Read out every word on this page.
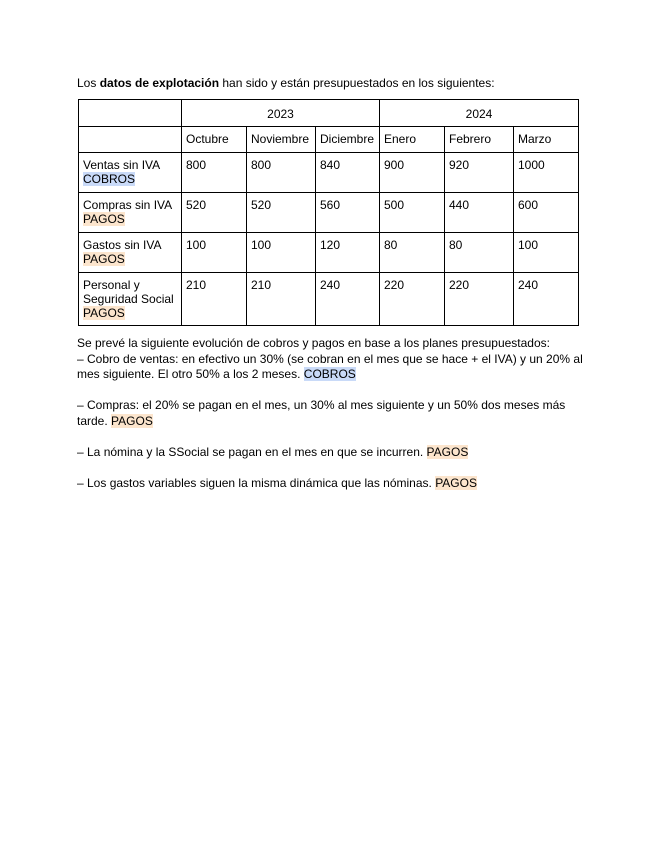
Los datos de explotación han sido y están presupuestados en los siguientes:

	2023			2024		
	Octubre	Noviembre	Diciembre	Enero	Febrero	Marzo
Ventas sin IVA
COBROS	800	800	840	900	920	1000
Compras sin IVA
PAGOS	520	520	560	500	440	600
Gastos sin IVA
PAGOS	100	100	120	80	80	100
Personal y
Seguridad Social
PAGOS	210	210	240	220	220	240

Se prevé la siguiente evolución de cobros y pagos en base a los planes presupuestados:

– Cobro de ventas: en efectivo un 30% (se cobran en el mes que se hace + el IVA) y un 20% al mes siguiente. El otro 50% a los 2 meses. COBROS

– Compras: el 20% se pagan en el mes, un 30% al mes siguiente y un 50% dos meses más tarde. PAGOS

– La nómina y la SSocial se pagan en el mes en que se incurren. PAGOS

– Los gastos variables siguen la misma dinámica que las nóminas. PAGOS
